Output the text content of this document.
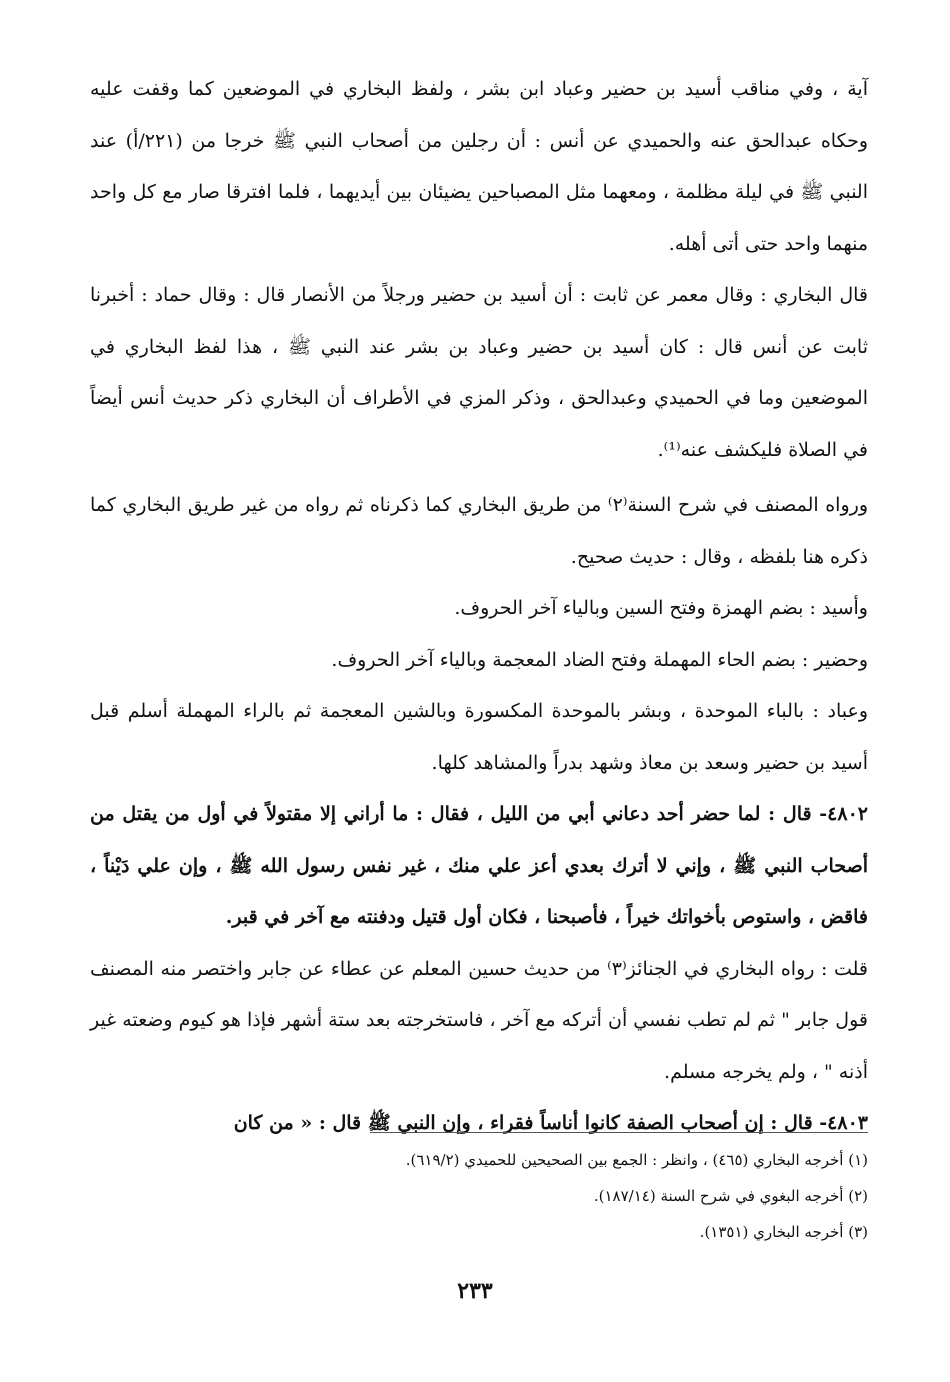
آية ، وفي مناقب أسيد بن حضير وعباد ابن بشر ، ولفظ البخاري في الموضعين كما وقفت عليه وحكاه عبدالحق عنه والحميدي عن أنس : أن رجلين من أصحاب النبي ﷺ خرجا من (٢٢١/أ) عند النبي ﷺ في ليلة مظلمة ، ومعهما مثل المصباحين يضيئان بين أيديهما ، فلما افترقا صار مع كل واحد منهما واحد حتى أتى أهله.

قال البخاري : وقال معمر عن ثابت : أن أسيد بن حضير ورجلاً من الأنصار قال : وقال حماد : أخبرنا ثابت عن أنس قال : كان أسيد بن حضير وعباد بن بشر عند النبي ﷺ ، هذا لفظ البخاري في الموضعين وما في الحميدي وعبدالحق ، وذكر المزي في الأطراف أن البخاري ذكر حديث أنس أيضاً في الصلاة فليكشف عنه⁽¹⁾.

ورواه المصنف في شرح السنة⁽٢⁾ من طريق البخاري كما ذكرناه ثم رواه من غير طريق البخاري كما ذكره هنا بلفظه ، وقال : حديث صحيح.

وأسيد : بضم الهمزة وفتح السين وبالياء آخر الحروف.

وحضير : بضم الحاء المهملة وفتح الضاد المعجمة وبالياء آخر الحروف.

وعباد : بالباء الموحدة ، وبشر بالموحدة المكسورة وبالشين المعجمة ثم بالراء المهملة أسلم قبل أسيد بن حضير وسعد بن معاذ وشهد بدراً والمشاهد كلها.

٤٨٠٢- قال : لما حضر أحد دعاني أبي من الليل ، فقال : ما أراني إلا مقتولاً في أول من يقتل من أصحاب النبي ﷺ ، وإني لا أترك بعدي أعز علي منك ، غير نفس رسول الله ﷺ ، وإن علي دَيْناً ، فاقض ، واستوص بأخواتك خيراً ، فأصبحنا ، فكان أول قتيل ودفنته مع آخر في قبر.

قلت : رواه البخاري في الجنائز⁽٣⁾ من حديث حسين المعلم عن عطاء عن جابر واختصر منه المصنف قول جابر " ثم لم تطب نفسي أن أتركه مع آخر ، فاستخرجته بعد ستة أشهر فإذا هو كيوم وضعته غير أذنه " ، ولم يخرجه مسلم.

٤٨٠٣- قال : إن أصحاب الصفة كانوا أناساً فقراء ، وإن النبي ﷺ قال : « من كان

(١) أخرجه البخاري (٤٦٥) ، وانظر : الجمع بين الصحيحين للحميدي (٦١٩/٢).

(٢) أخرجه البغوي في شرح السنة (١٨٧/١٤).

(٣) أخرجه البخاري (١٣٥١).

٢٣٣
